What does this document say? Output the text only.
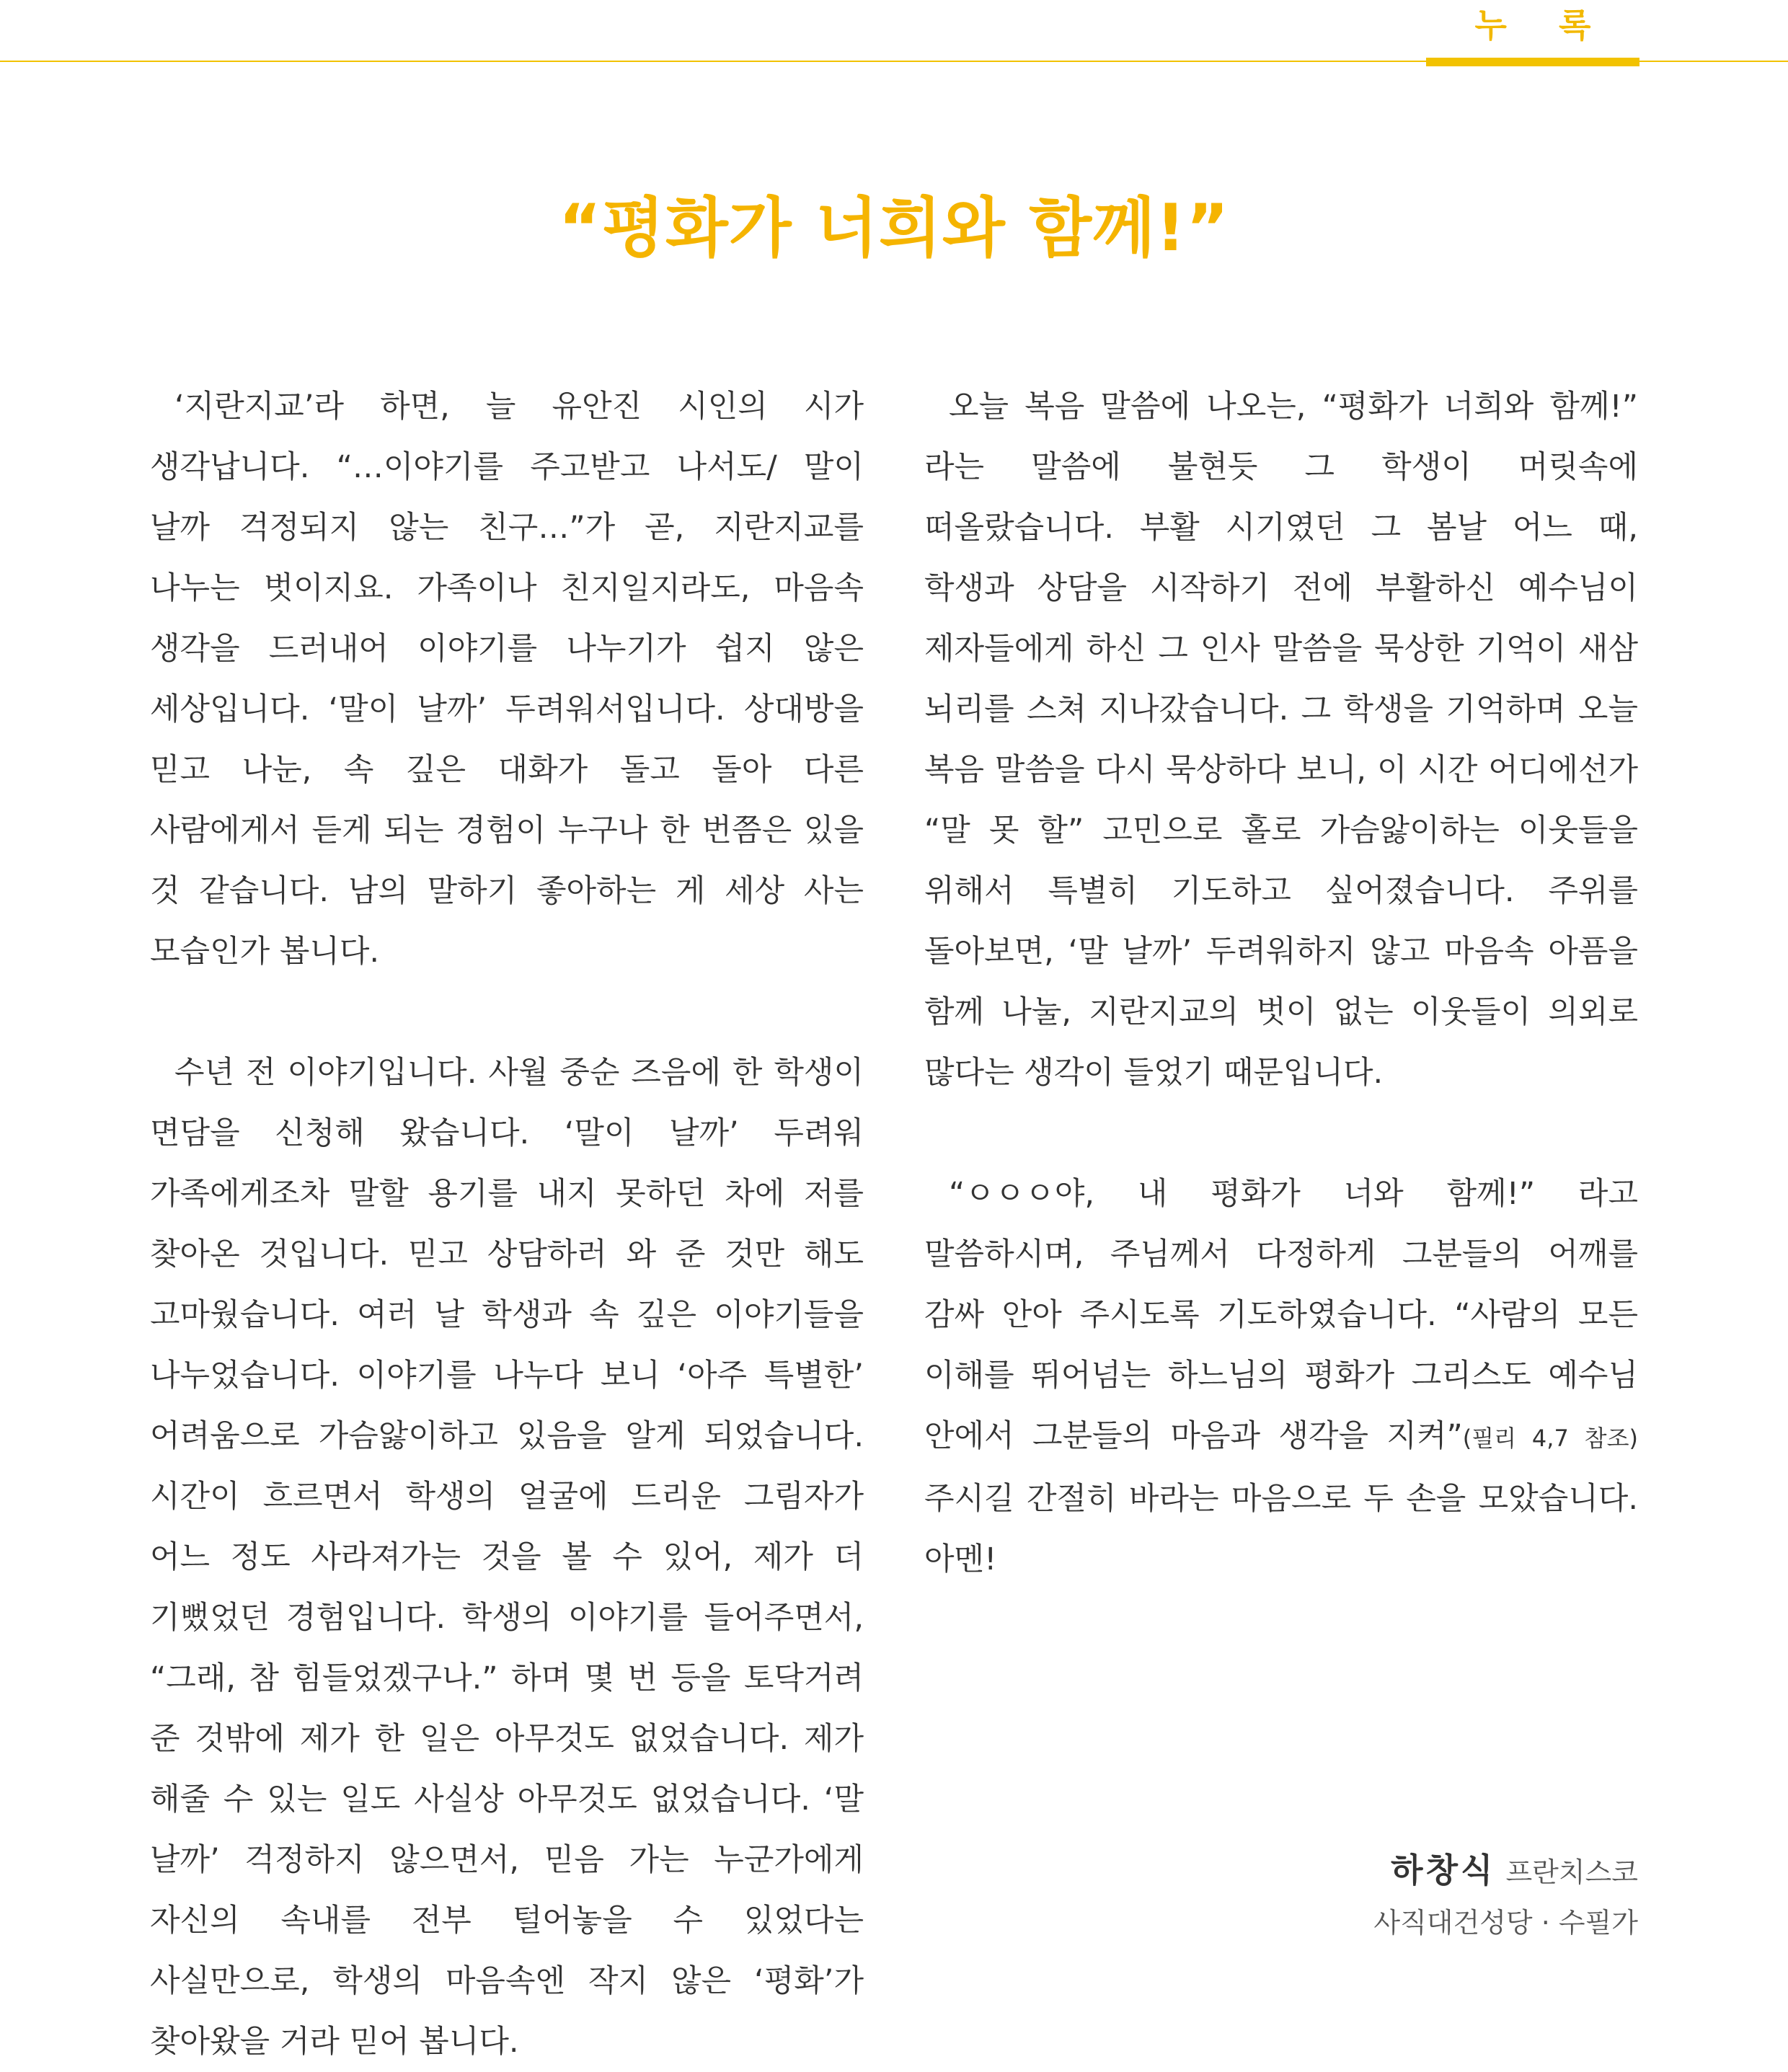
누 록
“평화가 너희와 함께!”

‘지란지교’라 하면, 늘 유안진 시인의 시가 생각납니다. “…이야기를 주고받고 나서도/ 말이 날까 걱정되지 않는 친구…”가 곧, 지란지교를 나누는 벗이지요. 가족이나 친지일지라도, 마음속 생각을 드러내어 이야기를 나누기가 쉽지 않은 세상입니다. ‘말이 날까’ 두려워서입니다. 상대방을 믿고 나눈, 속 깊은 대화가 돌고 돌아 다른 사람에게서 듣게 되는 경험이 누구나 한 번쯤은 있을 것 같습니다. 남의 말하기 좋아하는 게 세상 사는 모습인가 봅니다.

수년 전 이야기입니다. 사월 중순 즈음에 한 학생이 면담을 신청해 왔습니다. ‘말이 날까’ 두려워 가족에게조차 말할 용기를 내지 못하던 차에 저를 찾아온 것입니다. 믿고 상담하러 와 준 것만 해도 고마웠습니다. 여러 날 학생과 속 깊은 이야기들을 나누었습니다. 이야기를 나누다 보니 ‘아주 특별한’ 어려움으로 가슴앓이하고 있음을 알게 되었습니다. 시간이 흐르면서 학생의 얼굴에 드리운 그림자가 어느 정도 사라져가는 것을 볼 수 있어, 제가 더 기뻤었던 경험입니다. 학생의 이야기를 들어주면서, “그래, 참 힘들었겠구나.” 하며 몇 번 등을 토닥거려 준 것밖에 제가 한 일은 아무것도 없었습니다. 제가 해줄 수 있는 일도 사실상 아무것도 없었습니다. ‘말 날까’ 걱정하지 않으면서, 믿음 가는 누군가에게 자신의 속내를 전부 털어놓을 수 있었다는 사실만으로, 학생의 마음속엔 작지 않은 ‘평화’가 찾아왔을 거라 믿어 봅니다.

오늘 복음 말씀에 나오는, “평화가 너희와 함께!” 라는 말씀에 불현듯 그 학생이 머릿속에 떠올랐습니다. 부활 시기였던 그 봄날 어느 때, 학생과 상담을 시작하기 전에 부활하신 예수님이 제자들에게 하신 그 인사 말씀을 묵상한 기억이 새삼 뇌리를 스쳐 지나갔습니다. 그 학생을 기억하며 오늘 복음 말씀을 다시 묵상하다 보니, 이 시간 어디에선가 “말 못 할” 고민으로 홀로 가슴앓이하는 이웃들을 위해서 특별히 기도하고 싶어졌습니다. 주위를 돌아보면, ‘말 날까’ 두려워하지 않고 마음속 아픔을 함께 나눌, 지란지교의 벗이 없는 이웃들이 의외로 많다는 생각이 들었기 때문입니다.

“ㅇㅇㅇ야, 내 평화가 너와 함께!” 라고 말씀하시며, 주님께서 다정하게 그분들의 어깨를 감싸 안아 주시도록 기도하였습니다. “사람의 모든 이해를 뛰어넘는 하느님의 평화가 그리스도 예수님 안에서 그분들의 마음과 생각을 지켜”(필리 4,7 참조) 주시길 간절히 바라는 마음으로 두 손을 모았습니다. 아멘!

하창식 프란치스코
사직대건성당 · 수필가
